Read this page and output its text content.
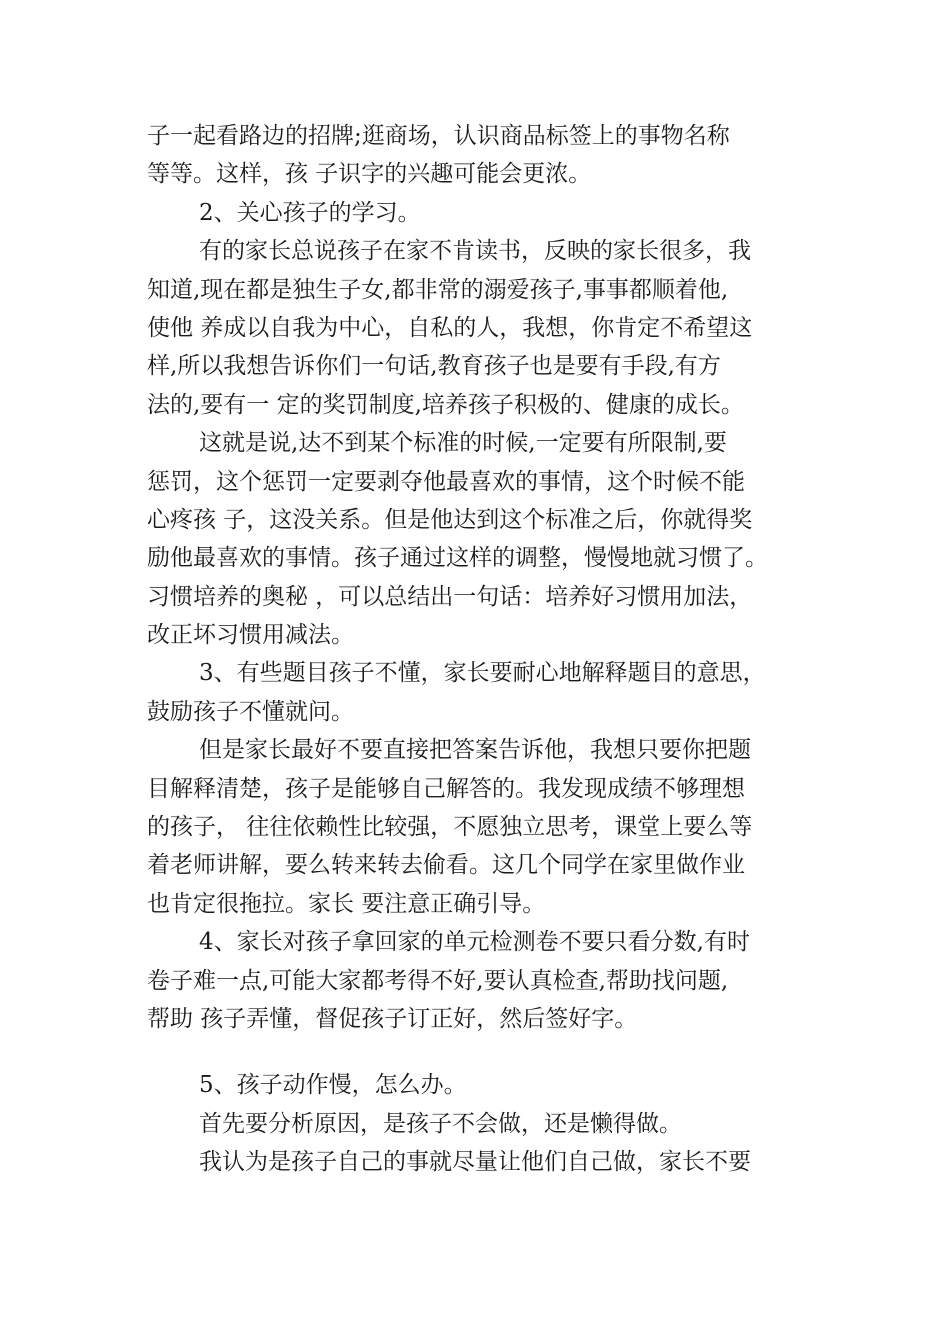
子一起看路边的招牌;逛商场，认识商品标签上的事物名称
等等。这样，孩 子识字的兴趣可能会更浓。
2、关心孩子的学习。
有的家长总说孩子在家不肯读书，反映的家长很多，我
知道,现在都是独生子女,都非常的溺爱孩子,事事都顺着他,
使他 养成以自我为中心，自私的人，我想，你肯定不希望这
样,所以我想告诉你们一句话,教育孩子也是要有手段,有方
法的,要有一 定的奖罚制度,培养孩子积极的、健康的成长。
这就是说,达不到某个标准的时候,一定要有所限制,要
惩罚，这个惩罚一定要剥夺他最喜欢的事情，这个时候不能
心疼孩 子，这没关系。但是他达到这个标准之后，你就得奖
励他最喜欢的事情。孩子通过这样的调整，慢慢地就习惯了。
习惯培养的奥秘 ，可以总结出一句话：培养好习惯用加法，
改正坏习惯用减法。
3、有些题目孩子不懂，家长要耐心地解释题目的意思，
鼓励孩子不懂就问。
但是家长最好不要直接把答案告诉他，我想只要你把题
目解释清楚，孩子是能够自己解答的。我发现成绩不够理想
的孩子， 往往依赖性比较强，不愿独立思考，课堂上要么等
着老师讲解，要么转来转去偷看。这几个同学在家里做作业
也肯定很拖拉。家长 要注意正确引导。
4、家长对孩子拿回家的单元检测卷不要只看分数,有时
卷子难一点,可能大家都考得不好,要认真检查,帮助找问题,
帮助 孩子弄懂，督促孩子订正好，然后签好字。
5、孩子动作慢，怎么办。
首先要分析原因，是孩子不会做，还是懒得做。
我认为是孩子自己的事就尽量让他们自己做，家长不要
